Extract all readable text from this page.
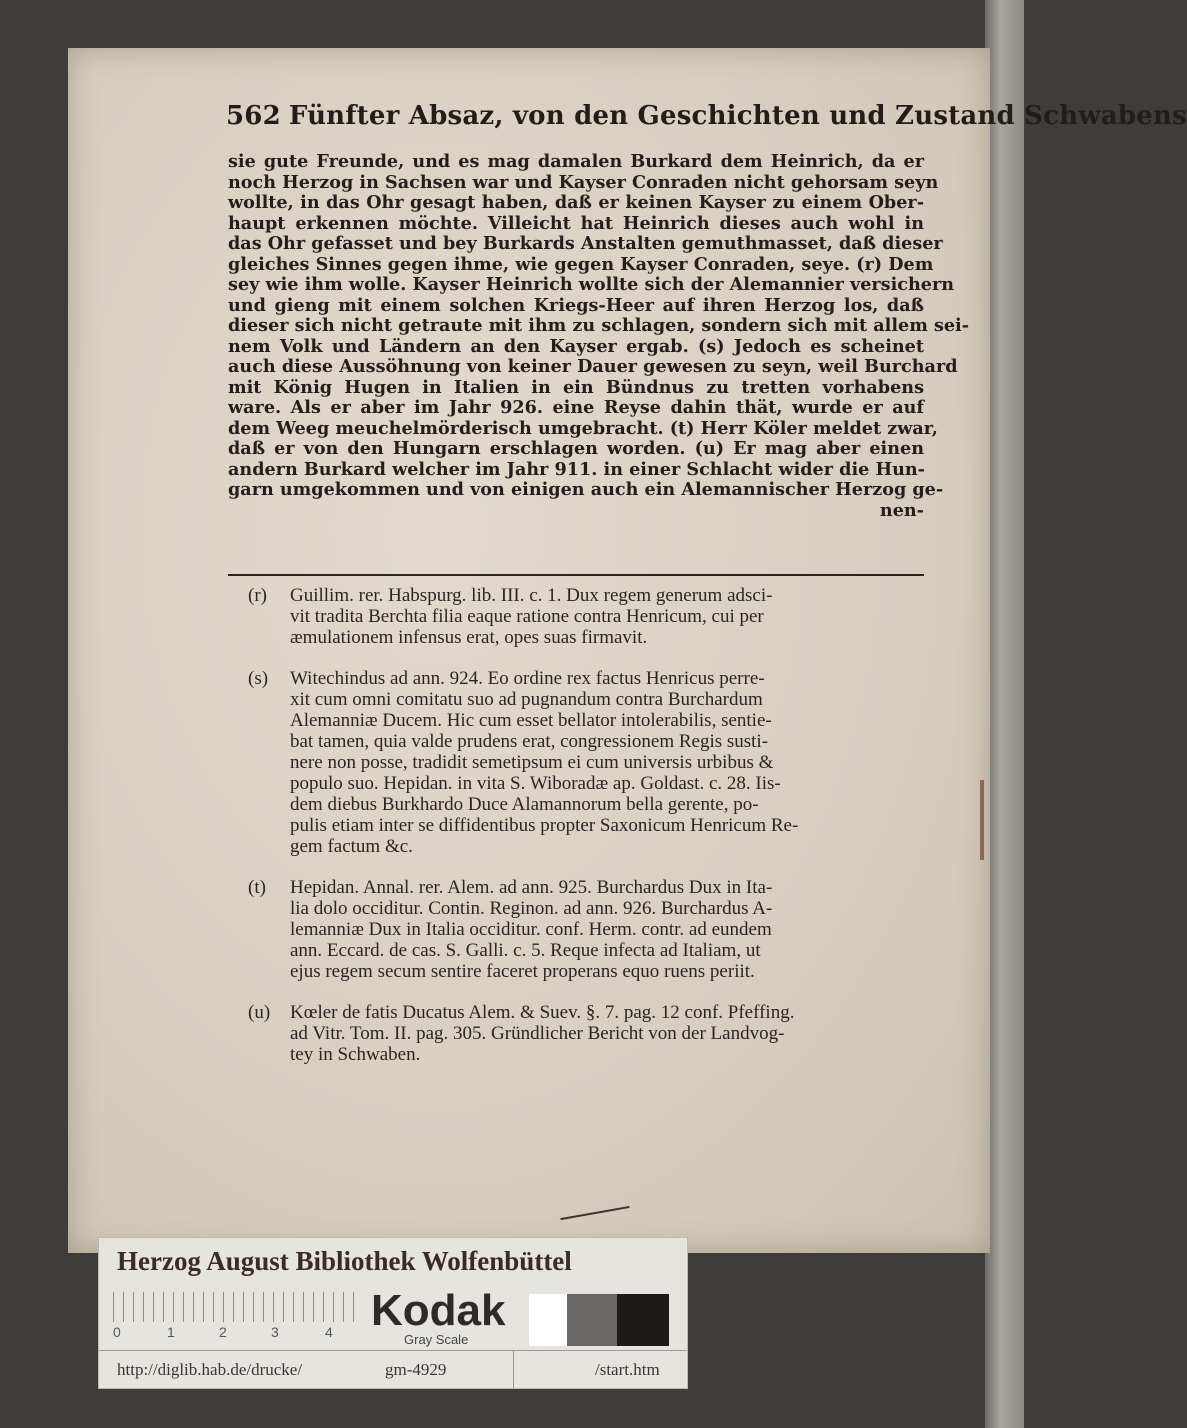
562 Fünfter Absaz, von den Geschichten und Zustand Schwabens
sie gute Freunde, und es mag damalen Burkard dem Heinrich, da er
noch Herzog in Sachsen war und Kayser Conraden nicht gehorsam seyn
wollte, in das Ohr gesagt haben, daß er keinen Kayser zu einem Ober-
haupt erkennen möchte. Villeicht hat Heinrich dieses auch wohl in
das Ohr gefasset und bey Burkards Anstalten gemuthmasset, daß dieser
gleiches Sinnes gegen ihme, wie gegen Kayser Conraden, seye. (r) Dem
sey wie ihm wolle. Kayser Heinrich wollte sich der Alemannier versichern
und gieng mit einem solchen Kriegs-Heer auf ihren Herzog los, daß
dieser sich nicht getraute mit ihm zu schlagen, sondern sich mit allem sei-
nem Volk und Ländern an den Kayser ergab. (s) Jedoch es scheinet
auch diese Aussöhnung von keiner Dauer gewesen zu seyn, weil Burchard
mit König Hugen in Italien in ein Bündnus zu tretten vorhabens
ware. Als er aber im Jahr 926. eine Reyse dahin thät, wurde er auf
dem Weeg meuchelmörderisch umgebracht. (t) Herr Köler meldet zwar,
daß er von den Hungarn erschlagen worden. (u) Er mag aber einen
andern Burkard welcher im Jahr 911. in einer Schlacht wider die Hun-
garn umgekommen und von einigen auch ein Alemannischer Herzog ge-
nen-
(r) Guillim. rer. Habspurg. lib. III. c. 1. Dux regem generum adsci-
vit tradita Berchta filia eaque ratione contra Henricum, cui per
æmulationem infensus erat, opes suas firmavit.
(s) Witechindus ad ann. 924. Eo ordine rex factus Henricus perre-
xit cum omni comitatu suo ad pugnandum contra Burchardum
Alemanniæ Ducem. Hic cum esset bellator intolerabilis, sentie-
bat tamen, quia valde prudens erat, congressionem Regis susti-
nere non posse, tradidit semetipsum ei cum universis urbibus &
populo suo. Hepidan. in vita S. Wiboradæ ap. Goldast. c. 28. Iis-
dem diebus Burkhardo Duce Alamannorum bella gerente, po-
pulis etiam inter se diffidentibus propter Saxonicum Henricum Re-
gem factum &c.
(t) Hepidan. Annal. rer. Alem. ad ann. 925. Burchardus Dux in Ita-
lia dolo occiditur. Contin. Reginon. ad ann. 926. Burchardus A-
lemanniæ Dux in Italia occiditur. conf. Herm. contr. ad eundem
ann. Eccard. de cas. S. Galli. c. 5. Reque infecta ad Italiam, ut
ejus regem secum sentire faceret properans equo ruens periit.
(u) Kœler de fatis Ducatus Alem. & Suev. §. 7. pag. 12 conf. Pfeffing.
ad Vitr. Tom. II. pag. 305. Gründlicher Bericht von der Landvog-
tey in Schwaben.
Herzog August Bibliothek Wolfenbüttel
0	1	2	3	4 Kodak
Gray Scale
http://diglib.hab.de/drucke/	gm-4929	/start.htm
